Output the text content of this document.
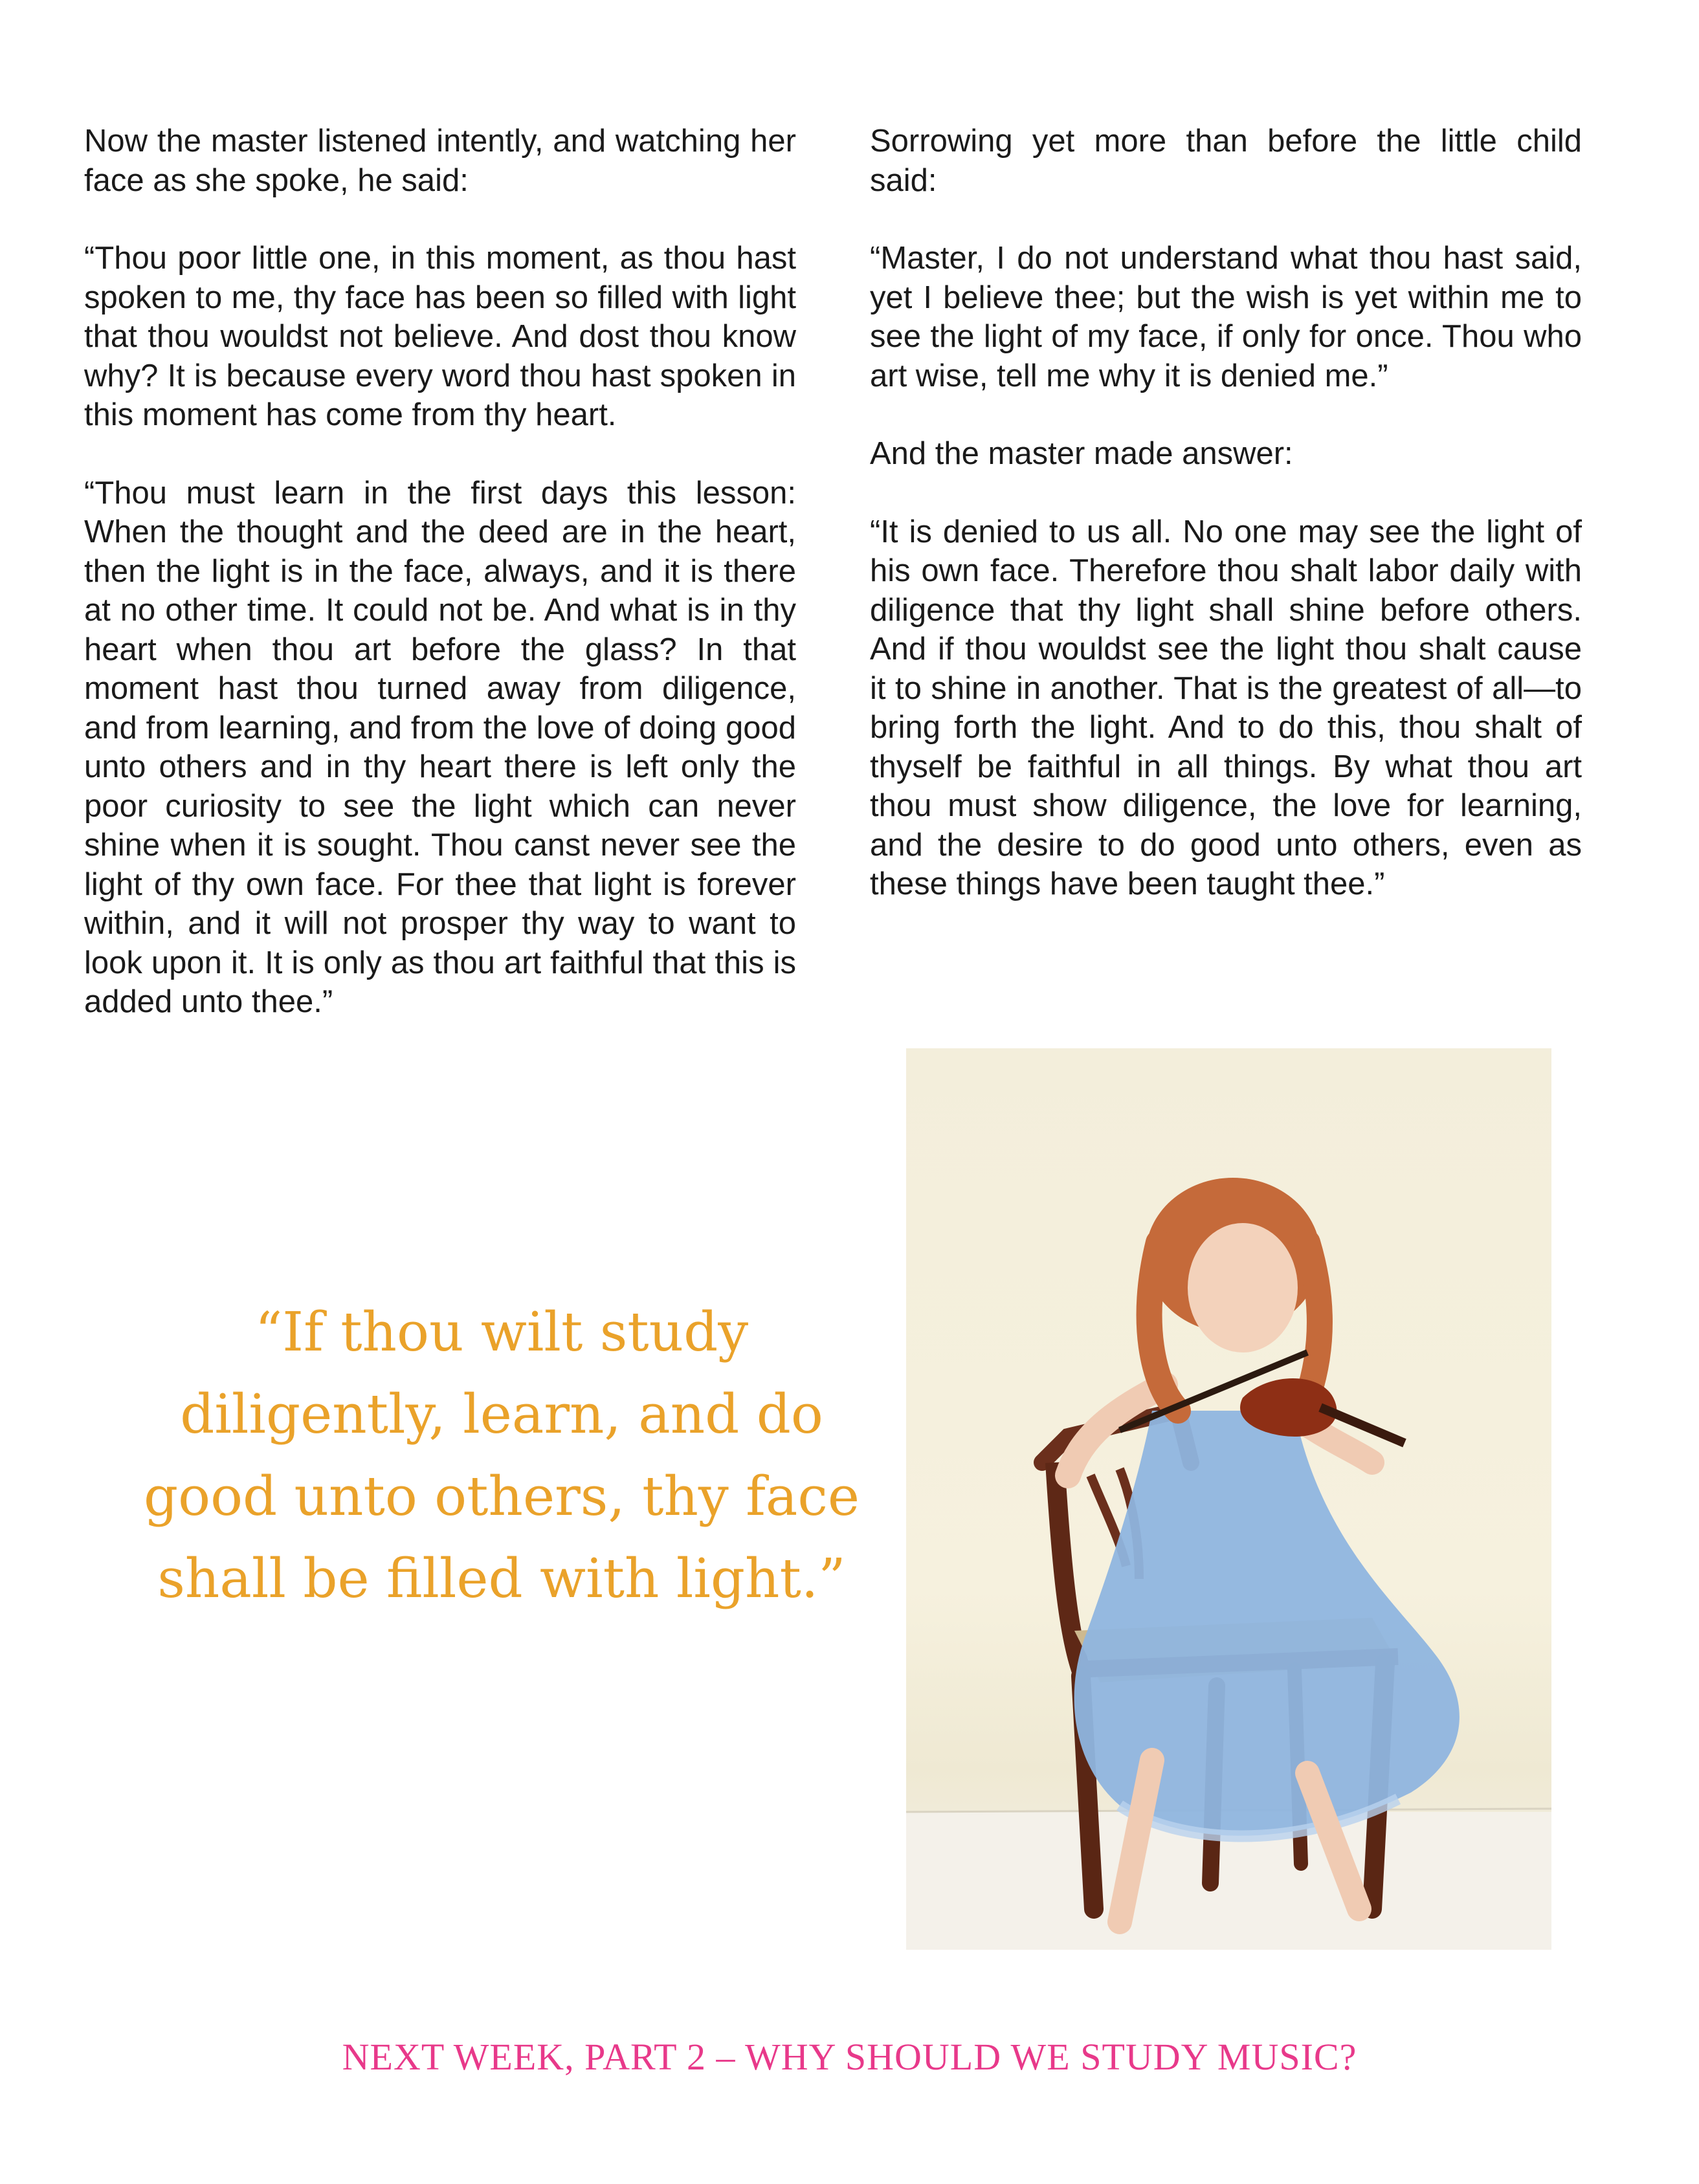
Now the master listened intently, and watching her face as she spoke, he said:

“Thou poor little one, in this moment, as thou hast spoken to me, thy face has been so filled with light that thou wouldst not believe. And dost thou know why? It is because every word thou hast spoken in this moment has come from thy heart.

“Thou must learn in the first days this lesson: When the thought and the deed are in the heart, then the light is in the face, always, and it is there at no other time. It could not be. And what is in thy heart when thou art before the glass? In that moment hast thou turned away from diligence, and from learning, and from the love of doing good unto others and in thy heart there is left only the poor curiosity to see the light which can never shine when it is sought. Thou canst never see the light of thy own face. For thee that light is forever within, and it will not prosper thy way to want to look upon it. It is only as thou art faithful that this is added unto thee.”

Sorrowing yet more than before the little child said:

“Master, I do not understand what thou hast said, yet I believe thee; but the wish is yet within me to see the light of my face, if only for once. Thou who art wise, tell me why it is denied me.”

And the master made answer:

“It is denied to us all. No one may see the light of his own face. Therefore thou shalt labor daily with diligence that thy light shall shine before others. And if thou wouldst see the light thou shalt cause it to shine in another. That is the greatest of all—to bring forth the light. And to do this, thou shalt of thyself be faithful in all things. By what thou art thou must show diligence, the love for learning, and the desire to do good unto others, even as these things have been taught thee.”

“If thou wilt study diligently, learn, and do good unto others, thy face shall be filled with light.”
NEXT WEEK, PART 2 – WHY SHOULD WE STUDY MUSIC?
